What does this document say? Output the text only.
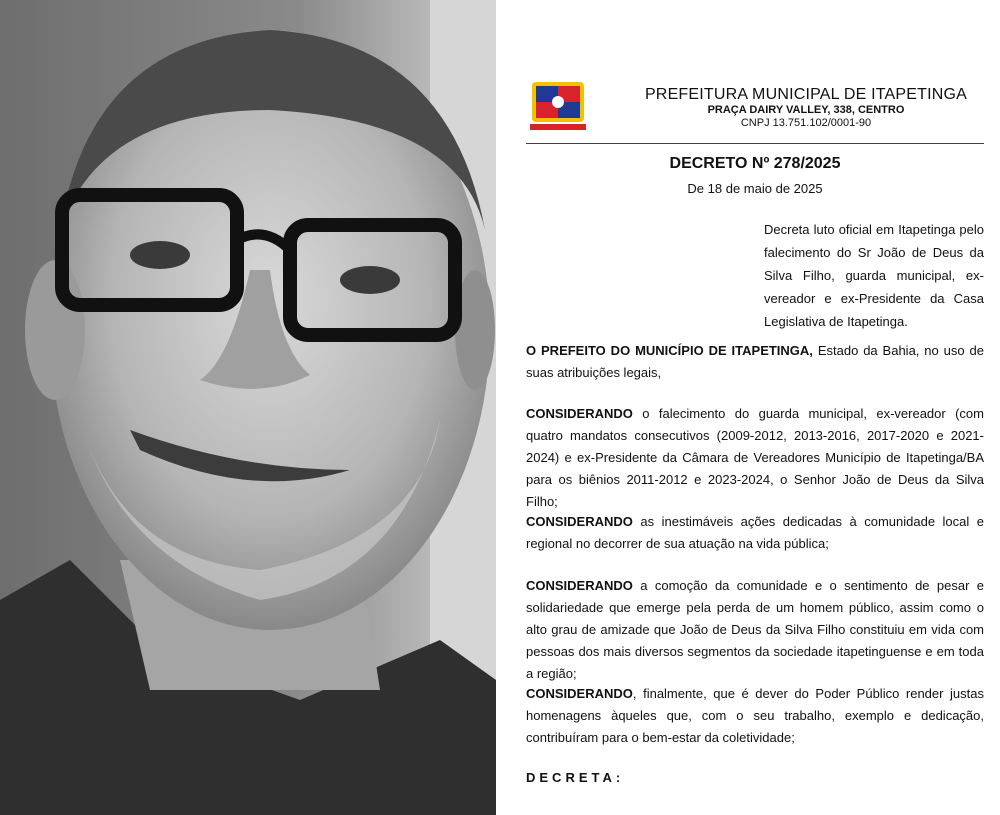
PREFEITURA MUNICIPAL DE ITAPETINGA
PRAÇA DAIRY VALLEY, 338, CENTRO
CNPJ 13.751.102/0001-90
DECRETO Nº 278/2025
De 18 de maio de 2025
Decreta luto oficial em Itapetinga pelo falecimento do Sr João de Deus da Silva Filho, guarda municipal, ex-vereador e ex-Presidente da Casa Legislativa de Itapetinga.
O PREFEITO DO MUNICÍPIO DE ITAPETINGA, Estado da Bahia, no uso de suas atribuições legais,
CONSIDERANDO o falecimento do guarda municipal, ex-vereador (com quatro mandatos consecutivos (2009-2012, 2013-2016, 2017-2020 e 2021-2024) e ex-Presidente da Câmara de Vereadores Município de Itapetinga/BA para os biênios 2011-2012 e 2023-2024, o Senhor João de Deus da Silva Filho;
CONSIDERANDO as inestimáveis ações dedicadas à comunidade local e regional no decorrer de sua atuação na vida pública;
CONSIDERANDO a comoção da comunidade e o sentimento de pesar e solidariedade que emerge pela perda de um homem público, assim como o alto grau de amizade que João de Deus da Silva Filho constituiu em vida com pessoas dos mais diversos segmentos da sociedade itapetinguense e em toda a região;
CONSIDERANDO, finalmente, que é dever do Poder Público render justas homenagens àqueles que, com o seu trabalho, exemplo e dedicação, contribuíram para o bem-estar da coletividade;
DECRETA:
